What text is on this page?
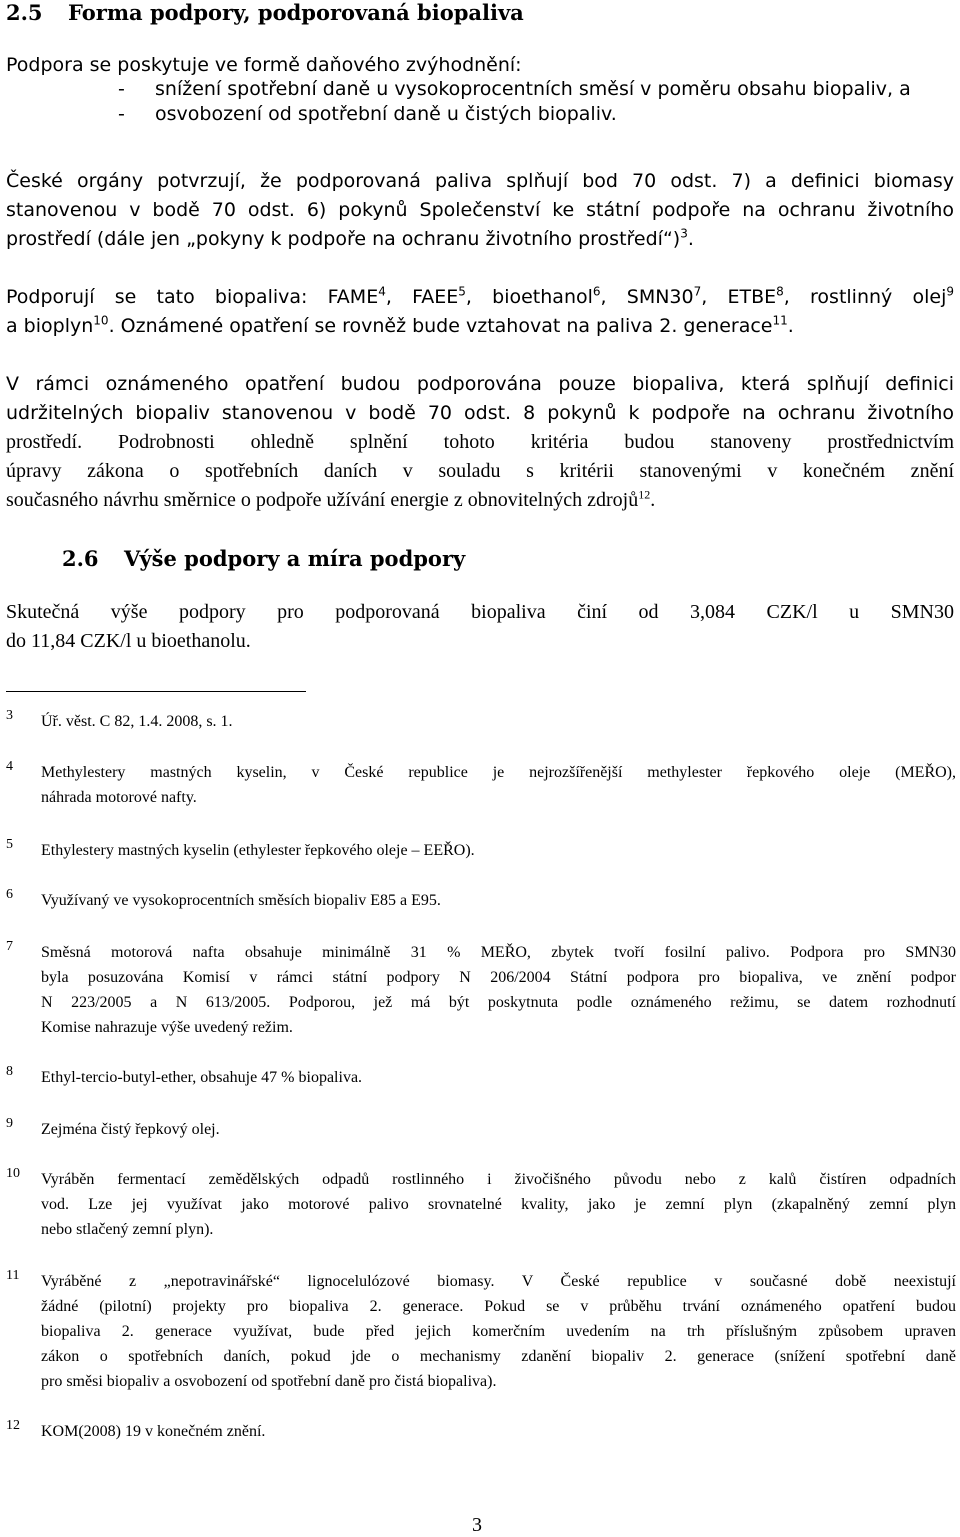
2.5 Forma podpory, podporovaná biopaliva
Podpora se poskytuje ve formě daňového zvýhodnění:
- snížení spotřební daně u vysokoprocentních směsí v poměru obsahu biopaliv, a
- osvobození od spotřební daně u čistých biopaliv.
České orgány potvrzují, že podporovaná paliva splňují bod 70 odst. 7) a definici biomasy
stanovenou v bodě 70 odst. 6) pokynů Společenství ke státní podpoře na ochranu životního
prostředí (dále jen „pokyny k podpoře na ochranu životního prostředí“)$^3$.
Podporují se tato biopaliva: FAME$^4$, FAEE$^5$, bioethanol$^6$, $SMN30^7$, ETBE$^8$, rostlinný olej$^9$
a bioplyn$^{10}$. Oznámené opatření se rovněž bude vztahovat na paliva 2. generace$^{11}$.
V rámci oznámeného opatření budou podporována pouze biopaliva, která splňují definici
udržitelných biopaliv stanovenou v bodě 70 odst. 8 pokynů k podpoře na ochranu životního
prostředí. Podrobnosti ohledně splnění tohoto kritéria budou stanoveny prostřednictvím
úpravy zákona o spotřebních daních v souladu s kritérii stanovenými v konečném znění
současného návrhu směrnice o podpoře užívání energie z obnovitelných zdrojů$^{12}$.
2.6 Výše podpory a míra podpory
Skutečná výše podpory pro podporovaná biopaliva činí od 3,084 CZK/l u SMN30
do 11,84 CZK/l u bioethanolu.
3 Úř. věst. C 82, 1.4. 2008, s. 1.
4 Methylestery mastných kyselin, v České republice je nejrozšířenější methylester řepkového oleje (MEŘO),
náhrada motorové nafty.
5 Ethylestery mastných kyselin (ethylester řepkového oleje – EEŘO).
6 Využívaný ve vysokoprocentních směsích biopaliv E85 a E95.
7 Směsná motorová nafta obsahuje minimálně 31 % MEŘO, zbytek tvoří fosilní palivo. Podpora pro SMN30
byla posuzována Komisí v rámci státní podpory N 206/2004 Státní podpora pro biopaliva, ve znění podpor
N 223/2005 a N 613/2005. Podporou, jež má být poskytnuta podle oznámeného režimu, se datem rozhodnutí
Komise nahrazuje výše uvedený režim.
8 Ethyl-tercio-butyl-ether, obsahuje 47 % biopaliva.
9 Zejména čistý řepkový olej.
10 Vyráběn fermentací zemědělských odpadů rostlinného i živočišného původu nebo z kalů čistíren odpadních
vod. Lze jej využívat jako motorové palivo srovnatelné kvality, jako je zemní plyn (zkapalněný zemní plyn
nebo stlačený zemní plyn).
11 Vyráběné z „nepotravinářské“ lignocelulózové biomasy. V České republice v současné době neexistují
žádné (pilotní) projekty pro biopaliva 2. generace. Pokud se v průběhu trvání oznámeného opatření budou
biopaliva 2. generace využívat, bude před jejich komerčním uvedením na trh příslušným způsobem upraven
zákon o spotřebních daních, pokud jde o mechanismy zdanění biopaliv 2. generace (snížení spotřební daně
pro směsi biopaliv a osvobození od spotřební daně pro čistá biopaliva).
12 KOM(2008) 19 v konečném znění.
3
